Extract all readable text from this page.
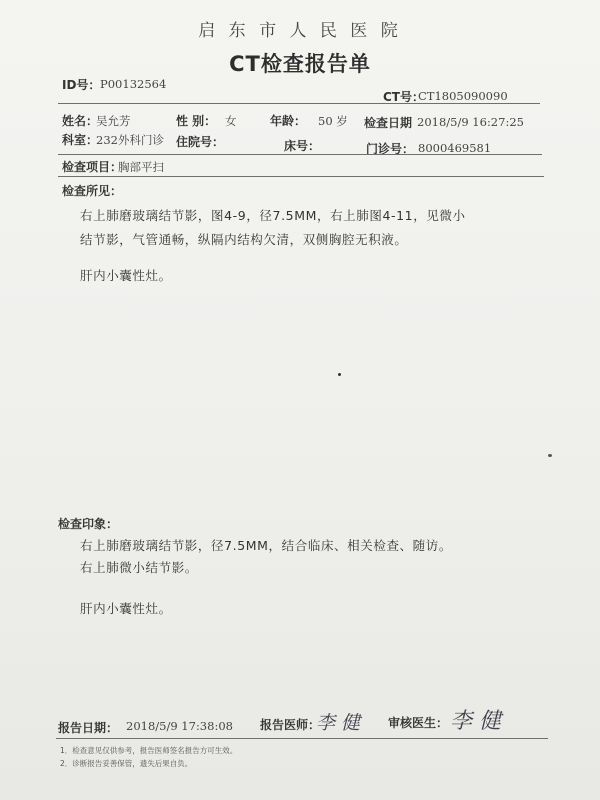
启 东 市 人 民 医 院
CT检查报告单
ID号： P00132564
CT号：
CT1805090090
姓名：
吴允芳	性 别： 女	年龄： 50 岁 检查日期 2018/5/9 16:27:25
科室：
232外科门诊 住院号：	床号：	门诊号： 8000469581
检查项目：
胸部平扫
检查所见：
右上肺磨玻璃结节影，图4-9，径7.5MM，右上肺图4-11，见微小
结节影，气管通畅，纵隔内结构欠清，双侧胸腔无积液。
肝内小囊性灶。
检查印象：
右上肺磨玻璃结节影，径7.5MM，结合临床、相关检查、随访。
右上肺微小结节影。
肝内小囊性灶。
报告日期： 2018/5/9 17:38:08 报告医师：
李 健 审核医生： 李 健
1．检查意见仅供参考，报告医师签名报告方可生效。
2．诊断报告妥善保管，遗失后果自负。
